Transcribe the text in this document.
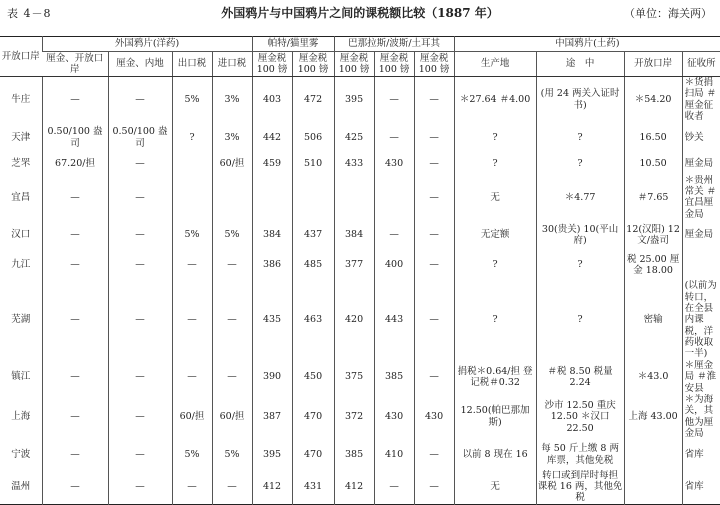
表 4－8	外国鸦片与中国鸦片之间的课税额比较（1887 年）	（单位：海关两）
开放口岸	外国鸦片(洋药)				帕特/猫里雾		巴那拉斯/波斯/土耳其			中国鸦片(土药)			
	厘金、开放口岸	厘金、内地	出口税	进口税	厘金税100 镑	厘金税100 镑	厘金税100 镑	厘金税100 镑	厘金税100 镑	生产地	途　中	开放口岸	征收所
牛庄	—	—	5%	3%	403	472	395	—	—	＊27.64 ＃4.00	(用 24 两关入证时书)	＊54.20	＊货捐扫局 ＃厘金征收者
天津	0.50/100 盎司	0.50/100 盎司	?	3%	442	506	425	—	—	?	?	16.50	钞关
芝罘	67.20/担	—		60/担	459	510	433	430	—	?	?	10.50	厘金局
宜昌	—	—							—	无	＊4.77	＃7.65	＊贵州常关 ＃宜昌厘金局
汉口	—	—	5%	5%	384	437	384	—	—	无定额	30(贵关) 10(平山府)	12(汉阳) 12 文/盎司	厘金局
九江	—	—	—	—	386	485	377	400	—	?	?	税 25.00 厘金 18.00	
芜湖	—	—	—	—	435	463	420	443	—	?	?	密输	(以前为转口，在全县内课税，洋药收取一半)
镇江	—	—	—	—	390	450	375	385	—	捐税＊0.64/担 登记税＃0.32	＃税 8.50 税量 2.24	＊43.0	＊厘金局 ＃淮安县
上海	—	—	60/担	60/担	387	470	372	430	430	12.50(帕巴那加斯)	沙市 12.50 重庆 12.50 ＊汉口 22.50	上海 43.00	＊为海关，其他为厘金局
宁波	—	—	5%	5%	395	470	385	410	—	以前 8 现在 16	每 50 斤上缴 8 两 库票，其他免税		省库
温州	—	—	—	—	412	431	412	—	—	无	转口或到岸时每担 课税 16 两，其他免税		省库
